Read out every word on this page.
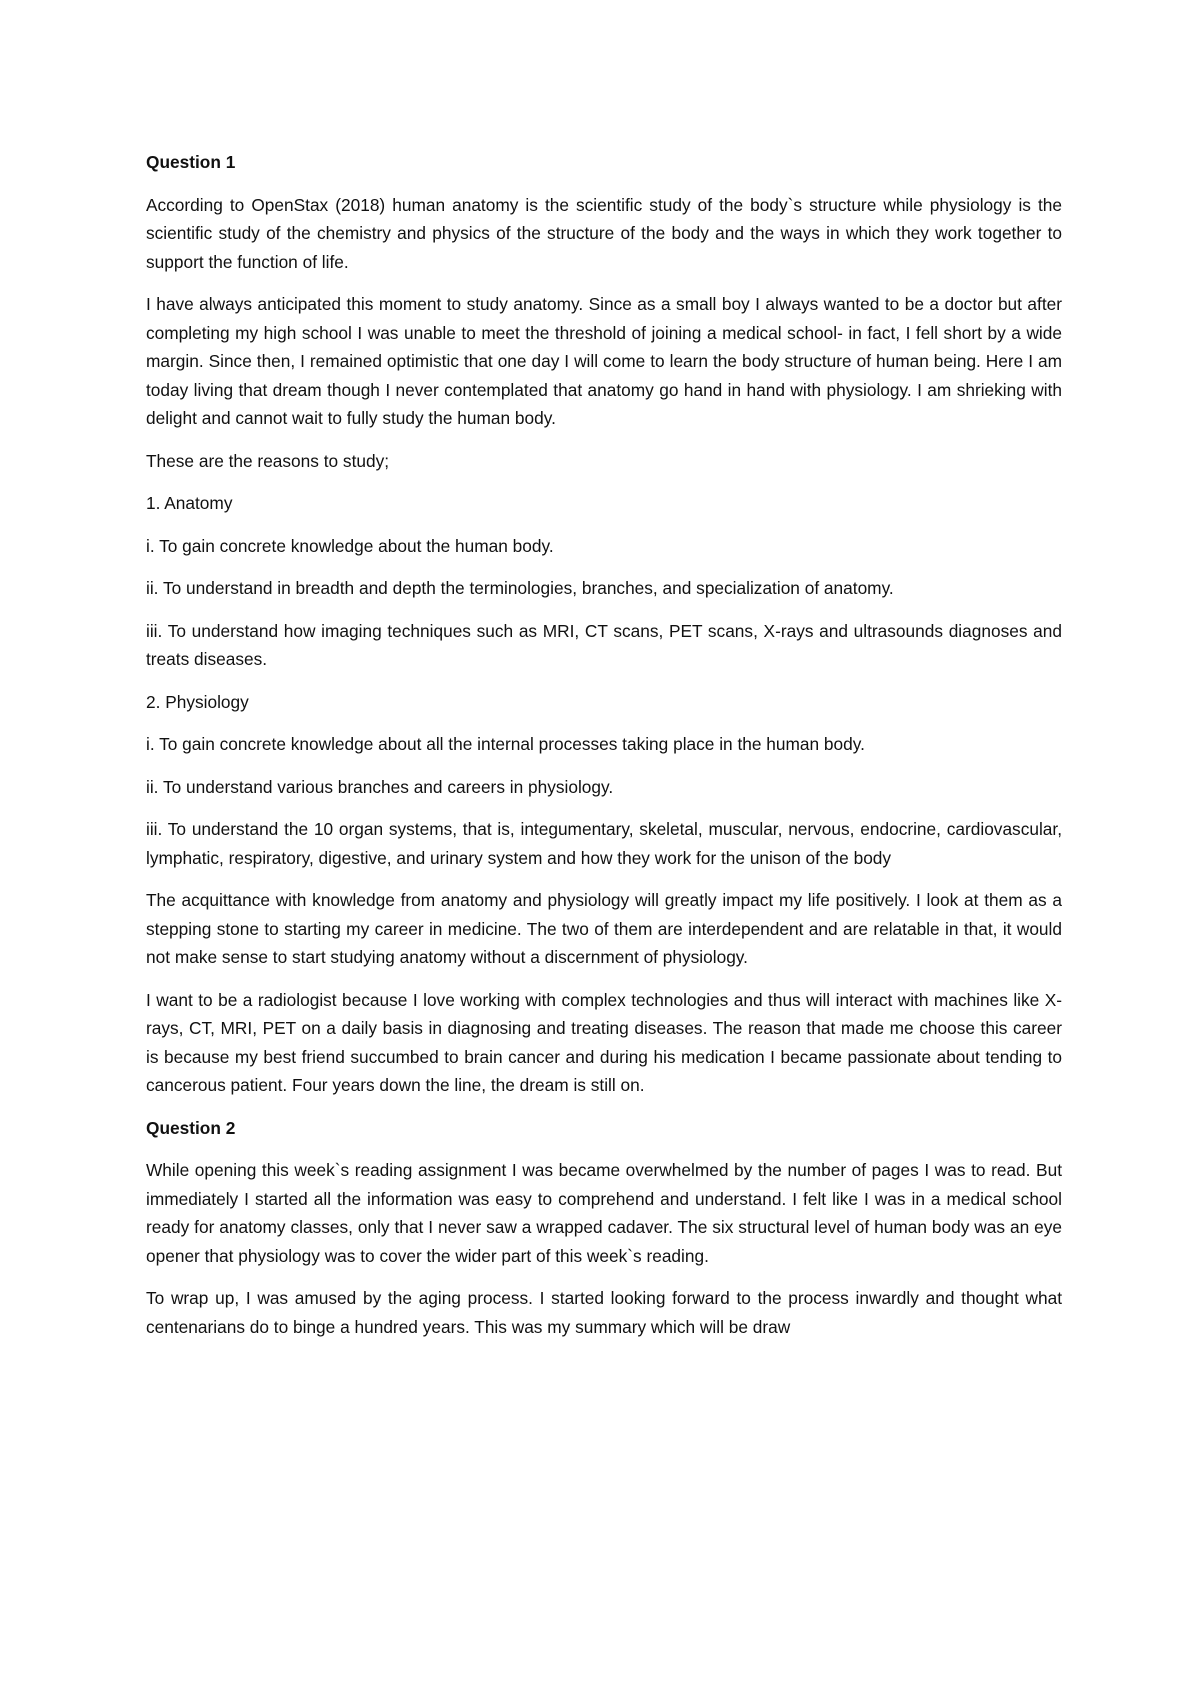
Question 1
According to OpenStax (2018) human anatomy is the scientific study of the body`s structure while physiology is the scientific study of the chemistry and physics of the structure of the body and the ways in which they work together to support the function of life.
I have always anticipated this moment to study anatomy. Since as a small boy I always wanted to be a doctor but after completing my high school I was unable to meet the threshold of joining a medical school- in fact, I fell short by a wide margin. Since then, I remained optimistic that one day I will come to learn the body structure of human being. Here I am today living that dream though I never contemplated that anatomy go hand in hand with physiology. I am shrieking with delight and cannot wait to fully study the human body.
These are the reasons to study;
1. Anatomy
i. To gain concrete knowledge about the human body.
ii. To understand in breadth and depth the terminologies, branches, and specialization of anatomy.
iii. To understand how imaging techniques such as MRI, CT scans, PET scans, X-rays and ultrasounds diagnoses and treats diseases.
2. Physiology
i. To gain concrete knowledge about all the internal processes taking place in the human body.
ii. To understand various branches and careers in physiology.
iii. To understand the 10 organ systems, that is, integumentary, skeletal, muscular, nervous, endocrine, cardiovascular, lymphatic, respiratory, digestive, and urinary system and how they work for the unison of the body
The acquittance with knowledge from anatomy and physiology will greatly impact my life positively. I look at them as a stepping stone to starting my career in medicine. The two of them are interdependent and are relatable in that, it would not make sense to start studying anatomy without a discernment of physiology.
I want to be a radiologist because I love working with complex technologies and thus will interact with machines like X-rays, CT, MRI, PET on a daily basis in diagnosing and treating diseases. The reason that made me choose this career is because my best friend succumbed to brain cancer and during his medication I became passionate about tending to cancerous patient. Four years down the line, the dream is still on.
Question 2
While opening this week`s reading assignment I was became overwhelmed by the number of pages I was to read. But immediately I started all the information was easy to comprehend and understand. I felt like I was in a medical school ready for anatomy classes, only that I never saw a wrapped cadaver. The six structural level of human body was an eye opener that physiology was to cover the wider part of this week`s reading.
To wrap up, I was amused by the aging process. I started looking forward to the process inwardly and thought what centenarians do to binge a hundred years. This was my summary which will be draw
